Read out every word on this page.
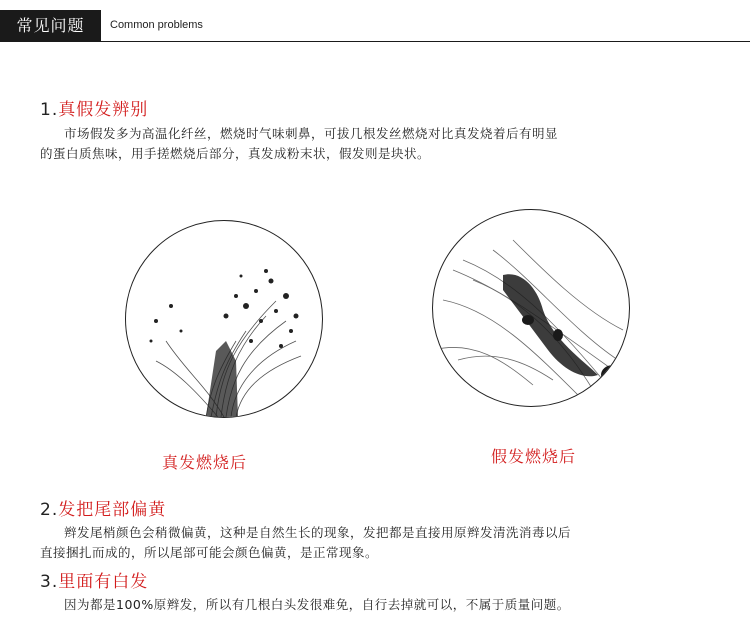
常见问题	Common problems
1.真假发辨别
市场假发多为高温化纤丝，燃烧时气味刺鼻，可拔几根发丝燃烧对比真发烧着后有明显
的蛋白质焦味，用手搓燃烧后部分，真发成粉末状，假发则是块状。
真发燃烧后	假发燃烧后
2.发把尾部偏黄
辫发尾梢颜色会稍微偏黄，这种是自然生长的现象，发把都是直接用原辫发清洗消毒以后
直接捆扎而成的，所以尾部可能会颜色偏黄，是正常现象。
3.里面有白发
因为都是100%原辫发，所以有几根白头发很难免，自行去掉就可以，不属于质量问题。
